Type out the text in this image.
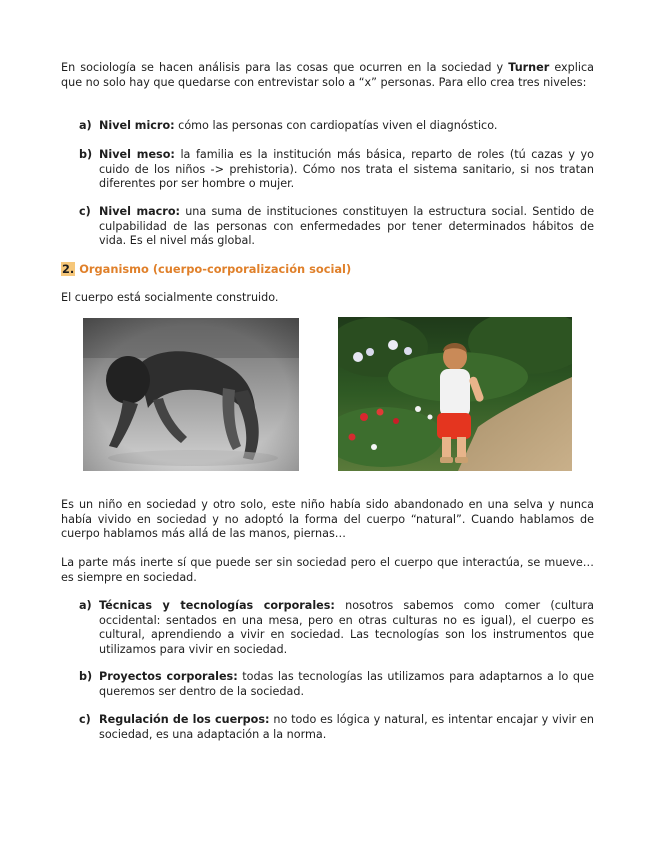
En sociología se hacen análisis para las cosas que ocurren en la sociedad y Turner explica que no solo hay que quedarse con entrevistar solo a “x” personas. Para ello crea tres niveles:

a) Nivel micro: cómo las personas con cardiopatías viven el diagnóstico.
b) Nivel meso: la familia es la institución más básica, reparto de roles (tú cazas y yo cuido de los niños -> prehistoria). Cómo nos trata el sistema sanitario, si nos tratan diferentes por ser hombre o mujer.
c) Nivel macro: una suma de instituciones constituyen la estructura social. Sentido de culpabilidad de las personas con enfermedades por tener determinados hábitos de vida. Es el nivel más global.
2. Organismo (cuerpo-corporalización social)

El cuerpo está socialmente construido.

Es un niño en sociedad y otro solo, este niño había sido abandonado en una selva y nunca había vivido en sociedad y no adoptó la forma del cuerpo “natural”. Cuando hablamos de cuerpo hablamos más allá de las manos, piernas…

La parte más inerte sí que puede ser sin sociedad pero el cuerpo que interactúa, se mueve…es siempre en sociedad.

a) Técnicas y tecnologías corporales: nosotros sabemos como comer (cultura occidental: sentados en una mesa, pero en otras culturas no es igual), el cuerpo es cultural, aprendiendo a vivir en sociedad. Las tecnologías son los instrumentos que utilizamos para vivir en sociedad.
b) Proyectos corporales: todas las tecnologías las utilizamos para adaptarnos a lo que queremos ser dentro de la sociedad.
c) Regulación de los cuerpos: no todo es lógica y natural, es intentar encajar y vivir en sociedad, es una adaptación a la norma.
